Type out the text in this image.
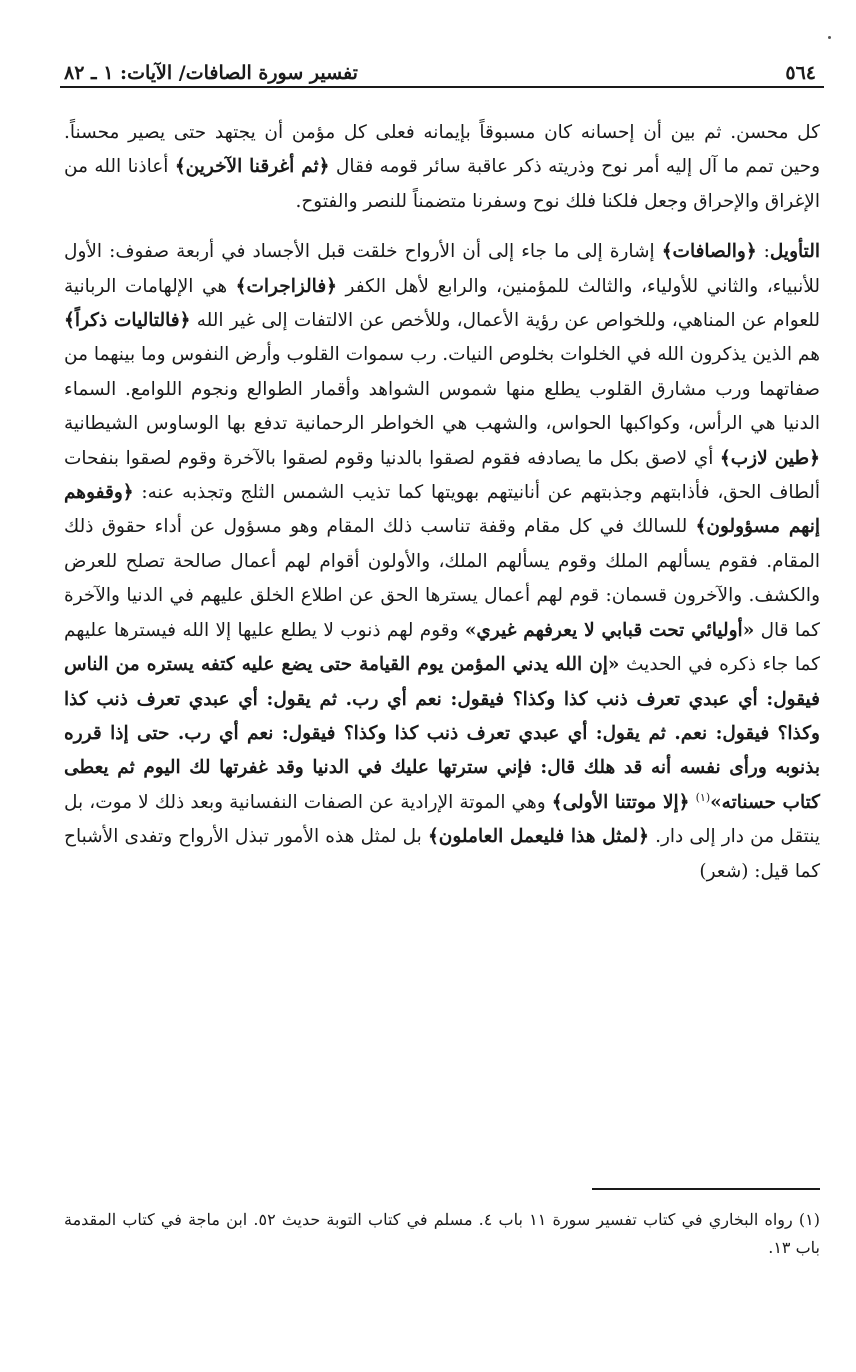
٥٦٤
تفسير سورة الصافات/ الآيات: ١ ـ ٨٢

كل محسن. ثم بين أن إحسانه كان مسبوقاً بإيمانه فعلى كل مؤمن أن يجتهد حتى يصير محسناً. وحين تمم ما آل إليه أمر نوح وذريته ذكر عاقبة سائر قومه فقال ﴿ثم أغرقنا الآخرين﴾ أعاذنا الله من الإغراق والإحراق وجعل فلكنا فلك نوح وسفرنا متضمناً للنصر والفتوح.

التأويل: ﴿والصافات﴾ إشارة إلى ما جاء إلى أن الأرواح خلقت قبل الأجساد في أربعة صفوف: الأول للأنبياء، والثاني للأولياء، والثالث للمؤمنين، والرابع لأهل الكفر ﴿فالزاجرات﴾ هي الإلهامات الربانية للعوام عن المناهي، وللخواص عن رؤية الأعمال، وللأخص عن الالتفات إلى غير الله ﴿فالتاليات ذكراً﴾ هم الذين يذكرون الله في الخلوات بخلوص النيات. رب سموات القلوب وأرض النفوس وما بينهما من صفاتهما ورب مشارق القلوب يطلع منها شموس الشواهد وأقمار الطوالع ونجوم اللوامع. السماء الدنيا هي الرأس، وكواكبها الحواس، والشهب هي الخواطر الرحمانية تدفع بها الوساوس الشيطانية ﴿طين لازب﴾ أي لاصق بكل ما يصادفه فقوم لصقوا بالدنيا وقوم لصقوا بالآخرة وقوم لصقوا بنفحات ألطاف الحق، فأذابتهم وجذبتهم عن أنانيتهم بهويتها كما تذيب الشمس الثلج وتجذبه عنه: ﴿وقفوهم إنهم مسؤولون﴾ للسالك في كل مقام وقفة تناسب ذلك المقام وهو مسؤول عن أداء حقوق ذلك المقام. فقوم يسألهم الملك وقوم يسألهم الملك، والأولون أقوام لهم أعمال صالحة تصلح للعرض والكشف. والآخرون قسمان: قوم لهم أعمال يسترها الحق عن اطلاع الخلق عليهم في الدنيا والآخرة كما قال «أوليائي تحت قبابي لا يعرفهم غيري» وقوم لهم ذنوب لا يطلع عليها إلا الله فيسترها عليهم كما جاء ذكره في الحديث «إن الله يدني المؤمن يوم القيامة حتى يضع عليه كتفه يستره من الناس فيقول: أي عبدي تعرف ذنب كذا وكذا؟ فيقول: نعم أي رب. ثم يقول: أي عبدي تعرف ذنب كذا وكذا؟ فيقول: نعم. ثم يقول: أي عبدي تعرف ذنب كذا وكذا؟ فيقول: نعم أي رب. حتى إذا قرره بذنوبه ورأى نفسه أنه قد هلك قال: فإني سترتها عليك في الدنيا وقد غفرتها لك اليوم ثم يعطى كتاب حسناته»$^{(١)}$ ﴿إلا موتتنا الأولى﴾ وهي الموتة الإرادية عن الصفات النفسانية وبعد ذلك لا موت، بل ينتقل من دار إلى دار. ﴿لمثل هذا فليعمل العاملون﴾ بل لمثل هذه الأمور تبذل الأرواح وتفدى الأشباح كما قيل: (شعر)

(١) رواه البخاري في كتاب تفسير سورة ١١ باب ٤. مسلم في كتاب التوبة حديث ٥٢. ابن ماجة في كتاب المقدمة باب ١٣.
